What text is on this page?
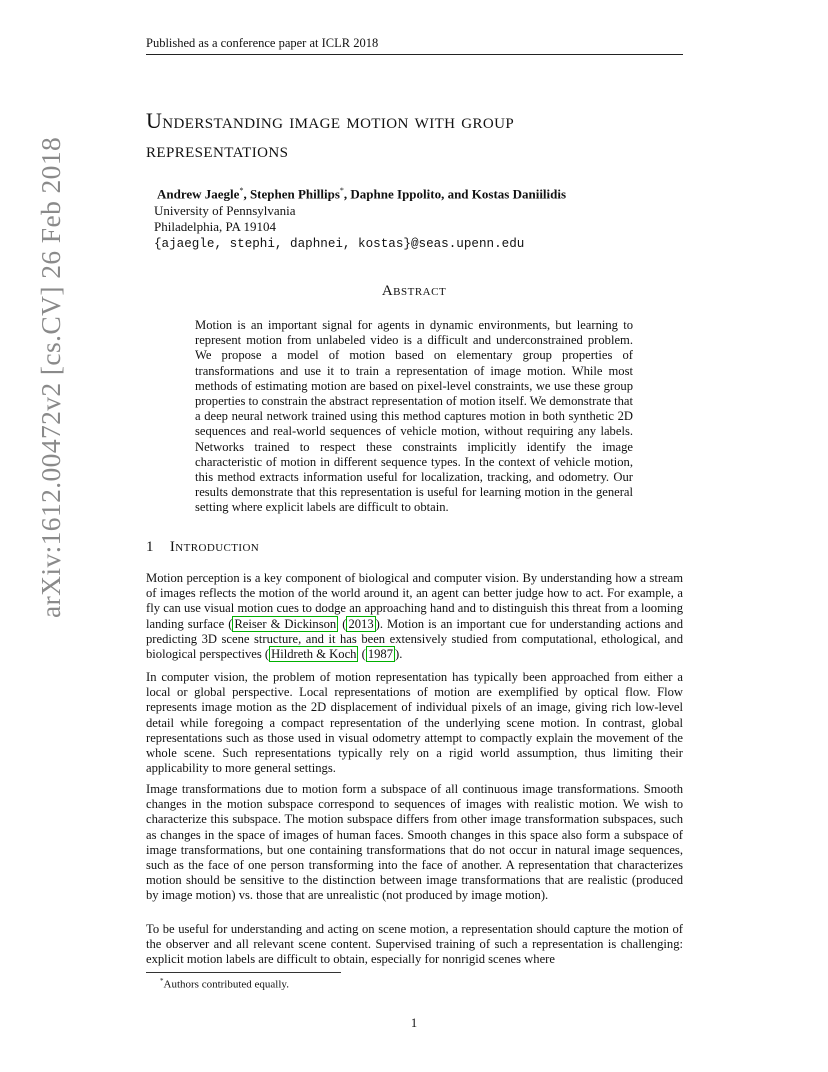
Published as a conference paper at ICLR 2018
arXiv:1612.00472v2 [cs.CV] 26 Feb 2018
Understanding image motion with group
representations
Andrew Jaegle*, Stephen Phillips*, Daphne Ippolito, and Kostas Daniilidis
University of Pennsylvania
Philadelphia, PA 19104
{ajaegle, stephi, daphnei, kostas}@seas.upenn.edu
Abstract
Motion is an important signal for agents in dynamic environments, but learning to represent motion from unlabeled video is a difficult and underconstrained problem. We propose a model of motion based on elementary group properties of transformations and use it to train a representation of image motion. While most methods of estimating motion are based on pixel-level constraints, we use these group properties to constrain the abstract representation of motion itself. We demonstrate that a deep neural network trained using this method captures motion in both synthetic 2D sequences and real-world sequences of vehicle motion, without requiring any labels. Networks trained to respect these constraints implicitly identify the image characteristic of motion in different sequence types. In the context of vehicle motion, this method extracts information useful for localization, tracking, and odometry. Our results demonstrate that this representation is useful for learning motion in the general setting where explicit labels are difficult to obtain.
1 Introduction

Motion perception is a key component of biological and computer vision. By understanding how a stream of images reflects the motion of the world around it, an agent can better judge how to act. For example, a fly can use visual motion cues to dodge an approaching hand and to distinguish this threat from a looming landing surface ( Reiser & Dickinson ( 2013 ). Motion is an important cue for understanding actions and predicting 3D scene structure, and it has been extensively studied from computational, ethological, and biological perspectives ( Hildreth & Koch ( 1987 ).

In computer vision, the problem of motion representation has typically been approached from either a local or global perspective. Local representations of motion are exemplified by optical flow. Flow represents image motion as the 2D displacement of individual pixels of an image, giving rich low-level detail while foregoing a compact representation of the underlying scene motion. In contrast, global representations such as those used in visual odometry attempt to compactly explain the movement of the whole scene. Such representations typically rely on a rigid world assumption, thus limiting their applicability to more general settings.

Image transformations due to motion form a subspace of all continuous image transformations. Smooth changes in the motion subspace correspond to sequences of images with realistic motion. We wish to characterize this subspace. The motion subspace differs from other image transformation subspaces, such as changes in the space of images of human faces. Smooth changes in this space also form a subspace of image transformations, but one containing transformations that do not occur in natural image sequences, such as the face of one person transforming into the face of another. A representation that characterizes motion should be sensitive to the distinction between image transformations that are realistic (produced by image motion) vs. those that are unrealistic (not produced by image motion).

To be useful for understanding and acting on scene motion, a representation should capture the motion of the observer and all relevant scene content. Supervised training of such a representation is challenging: explicit motion labels are difficult to obtain, especially for nonrigid scenes where

*Authors contributed equally.
1
